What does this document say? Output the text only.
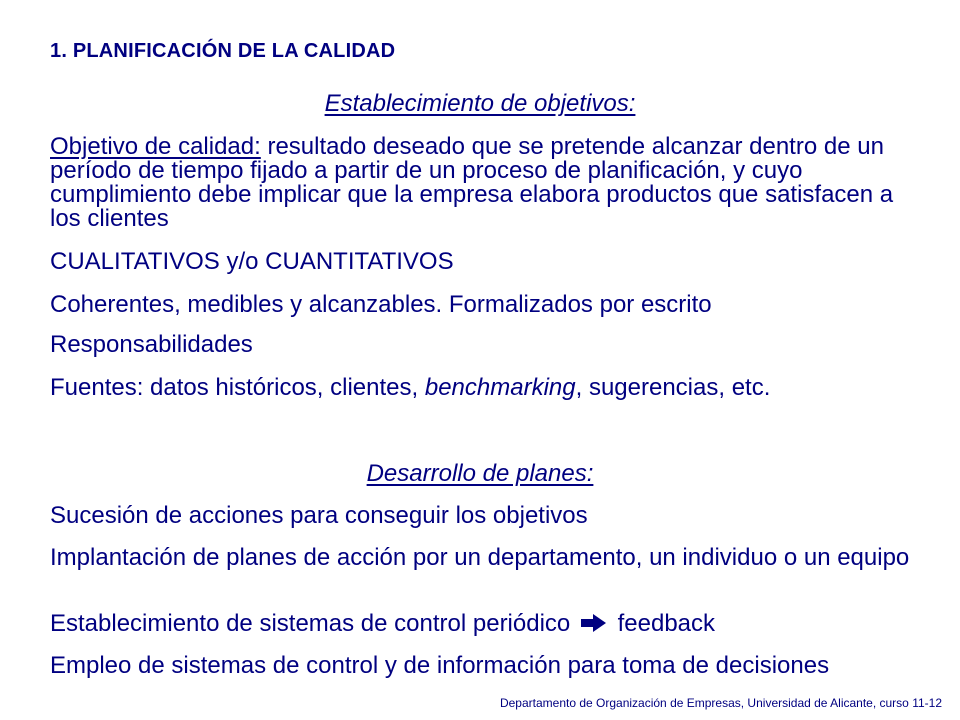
1. PLANIFICACIÓN DE LA CALIDAD
Establecimiento de objetivos:
Objetivo de calidad: resultado deseado que se pretende alcanzar dentro de un período de tiempo fijado a partir de un proceso de planificación, y cuyo cumplimiento debe implicar que la empresa elabora productos que satisfacen a los clientes
CUALITATIVOS y/o CUANTITATIVOS
Coherentes, medibles y alcanzables. Formalizados por escrito
Responsabilidades
Fuentes: datos históricos, clientes, benchmarking, sugerencias, etc.
Desarrollo de planes:
Sucesión de acciones para conseguir los objetivos
Implantación de planes de acción por un departamento, un individuo o un equipo
Establecimiento de sistemas de control periódico feedback
Empleo de sistemas de control y de información para toma de decisiones
Departamento de Organización de Empresas, Universidad de Alicante, curso 11-12
